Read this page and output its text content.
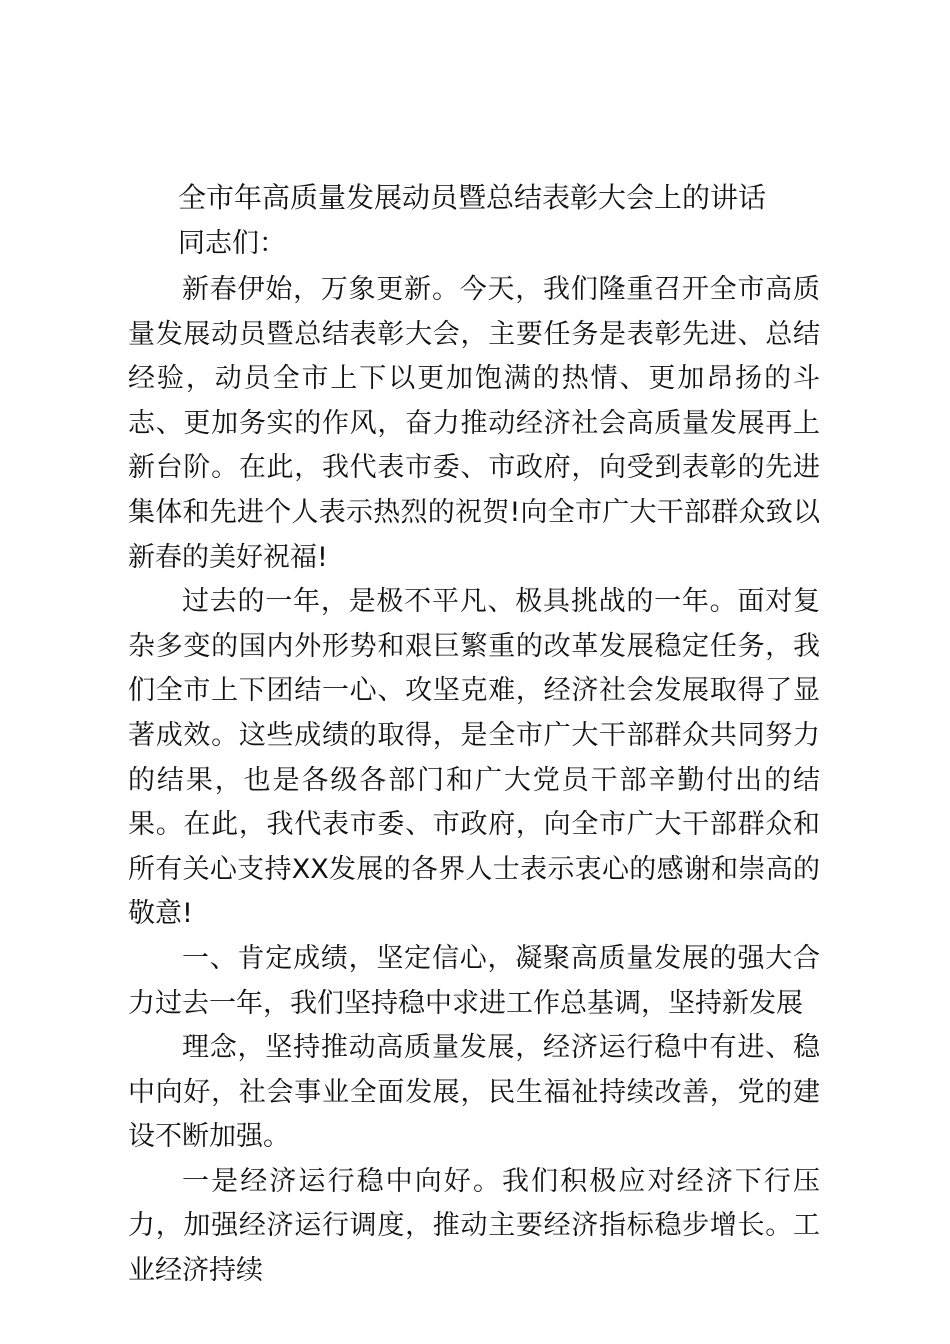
全市年高质量发展动员暨总结表彰大会上的讲话
同志们：

新春伊始，万象更新。今天，我们隆重召开全市高质量发展动员暨总结表彰大会，主要任务是表彰先进、总结经验，动员全市上下以更加饱满的热情、更加昂扬的斗志、更加务实的作风，奋力推动经济社会高质量发展再上新台阶。在此，我代表市委、市政府，向受到表彰的先进集体和先进个人表示热烈的祝贺!向全市广大干部群众致以新春的美好祝福!

过去的一年，是极不平凡、极具挑战的一年。面对复杂多变的国内外形势和艰巨繁重的改革发展稳定任务，我们全市上下团结一心、攻坚克难，经济社会发展取得了显著成效。这些成绩的取得，是全市广大干部群众共同努力的结果，也是各级各部门和广大党员干部辛勤付出的结果。在此，我代表市委、市政府，向全市广大干部群众和所有关心支持XX发展的各界人士表示衷心的感谢和崇高的敬意!

一、肯定成绩，坚定信心，凝聚高质量发展的强大合力过去一年，我们坚持稳中求进工作总基调，坚持新发展

理念，坚持推动高质量发展，经济运行稳中有进、稳中向好，社会事业全面发展，民生福祉持续改善，党的建设不断加强。

一是经济运行稳中向好。我们积极应对经济下行压力，加强经济运行调度，推动主要经济指标稳步增长。工业经济持续
